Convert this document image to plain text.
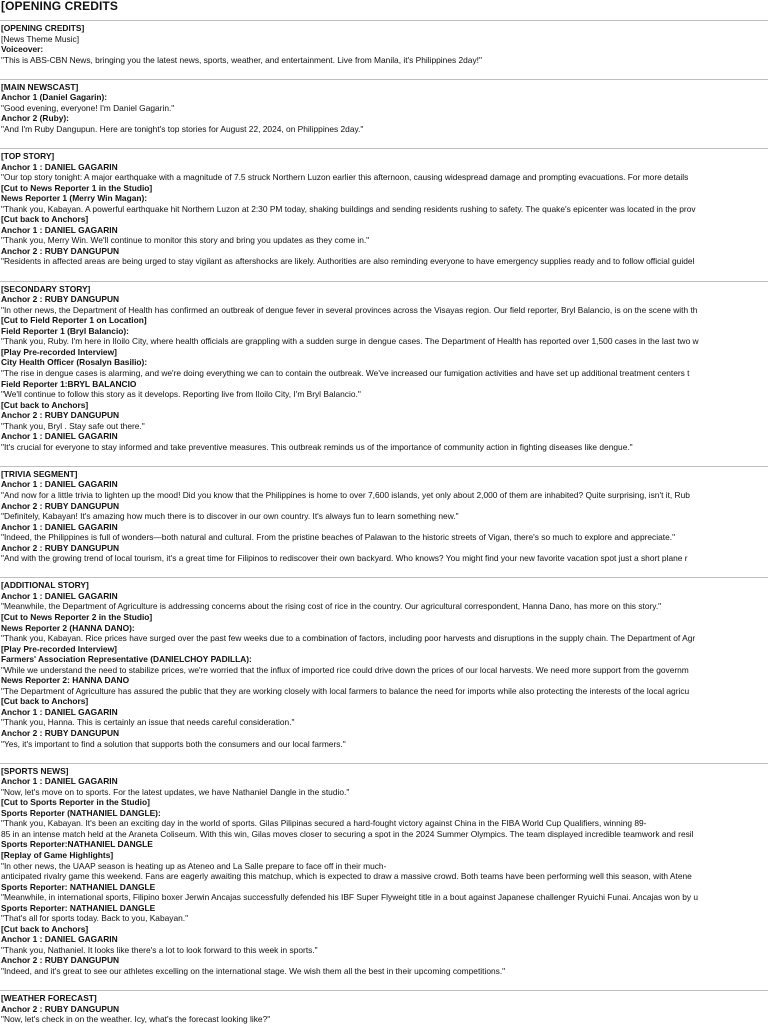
[OPENING CREDITS
[OPENING CREDITS]
[News Theme Music]
Voiceover:
"This is ABS-CBN News, bringing you the latest news, sports, weather, and entertainment. Live from Manila, it's Philippines 2day!"
[MAIN NEWSCAST]
Anchor 1 (Daniel Gagarin):
"Good evening, everyone! I'm Daniel Gagarin."
Anchor 2 (Ruby):
"And I'm Ruby Dangupun. Here are tonight's top stories for August 22, 2024, on Philippines 2day."
[TOP STORY]
Anchor 1 : DANIEL GAGARIN
"Our top story tonight: A major earthquake with a magnitude of 7.5 struck Northern Luzon earlier this afternoon, causing widespread damage and prompting evacuations. For more details
[Cut to News Reporter 1 in the Studio]
News Reporter 1 (Merry Win Magan):
"Thank you, Kabayan. A powerful earthquake hit Northern Luzon at 2:30 PM today, shaking buildings and sending residents rushing to safety. The quake's epicenter was located in the prov
[Cut back to Anchors]
Anchor 1 : DANIEL GAGARIN
"Thank you, Merry Win. We'll continue to monitor this story and bring you updates as they come in."
Anchor 2 : RUBY DANGUPUN
"Residents in affected areas are being urged to stay vigilant as aftershocks are likely. Authorities are also reminding everyone to have emergency supplies ready and to follow official guidel
[SECONDARY STORY]
Anchor 2 : RUBY DANGUPUN
"In other news, the Department of Health has confirmed an outbreak of dengue fever in several provinces across the Visayas region. Our field reporter, Bryl Balancio, is on the scene with th
[Cut to Field Reporter 1 on Location]
Field Reporter 1 (Bryl Balancio):
"Thank you, Ruby. I'm here in Iloilo City, where health officials are grappling with a sudden surge in dengue cases. The Department of Health has reported over 1,500 cases in the last two w
[Play Pre-recorded Interview]
City Health Officer (Rosalyn Basilio):
"The rise in dengue cases is alarming, and we're doing everything we can to contain the outbreak. We've increased our fumigation activities and have set up additional treatment centers t
Field Reporter 1:BRYL BALANCIO
"We'll continue to follow this story as it develops. Reporting live from Iloilo City, I'm Bryl Balancio."
[Cut back to Anchors]
Anchor 2 : RUBY DANGUPUN
"Thank you, Bryl . Stay safe out there."
Anchor 1 : DANIEL GAGARIN
"It's crucial for everyone to stay informed and take preventive measures. This outbreak reminds us of the importance of community action in fighting diseases like dengue."
[TRIVIA SEGMENT]
Anchor 1 : DANIEL GAGARIN
"And now for a little trivia to lighten up the mood! Did you know that the Philippines is home to over 7,600 islands, yet only about 2,000 of them are inhabited? Quite surprising, isn't it, Rub
Anchor 2 : RUBY DANGUPUN
"Definitely, Kabayan! It's amazing how much there is to discover in our own country. It's always fun to learn something new."
Anchor 1 : DANIEL GAGARIN
"Indeed, the Philippines is full of wonders—both natural and cultural. From the pristine beaches of Palawan to the historic streets of Vigan, there's so much to explore and appreciate."
Anchor 2 : RUBY DANGUPUN
"And with the growing trend of local tourism, it's a great time for Filipinos to rediscover their own backyard. Who knows? You might find your new favorite vacation spot just a short plane r
[ADDITIONAL STORY]
Anchor 1 : DANIEL GAGARIN
"Meanwhile, the Department of Agriculture is addressing concerns about the rising cost of rice in the country. Our agricultural correspondent, Hanna Dano, has more on this story."
[Cut to News Reporter 2 in the Studio]
News Reporter 2 (HANNA DANO):
"Thank you, Kabayan. Rice prices have surged over the past few weeks due to a combination of factors, including poor harvests and disruptions in the supply chain. The Department of Agr
[Play Pre-recorded Interview]
Farmers' Association Representative (DANIELCHOY PADILLA):
"While we understand the need to stabilize prices, we're worried that the influx of imported rice could drive down the prices of our local harvests. We need more support from the governm
News Reporter 2: HANNA DANO
"The Department of Agriculture has assured the public that they are working closely with local farmers to balance the need for imports while also protecting the interests of the local agricu
[Cut back to Anchors]
Anchor 1 : DANIEL GAGARIN
"Thank you, Hanna. This is certainly an issue that needs careful consideration."
Anchor 2 : RUBY DANGUPUN
"Yes, it's important to find a solution that supports both the consumers and our local farmers."
[SPORTS NEWS]
Anchor 1 : DANIEL GAGARIN
"Now, let's move on to sports. For the latest updates, we have Nathaniel Dangle in the studio."
[Cut to Sports Reporter in the Studio]
Sports Reporter (NATHANIEL DANGLE):
"Thank you, Kabayan. It's been an exciting day in the world of sports. Gilas Pilipinas secured a hard-fought victory against China in the FIBA World Cup Qualifiers, winning 89-
85 in an intense match held at the Araneta Coliseum. With this win, Gilas moves closer to securing a spot in the 2024 Summer Olympics. The team displayed incredible teamwork and resil
Sports Reporter:NATHANIEL DANGLE
[Replay of Game Highlights]
"In other news, the UAAP season is heating up as Ateneo and La Salle prepare to face off in their much-
anticipated rivalry game this weekend. Fans are eagerly awaiting this matchup, which is expected to draw a massive crowd. Both teams have been performing well this season, with Atene
Sports Reporter: NATHANIEL DANGLE
"Meanwhile, in international sports, Filipino boxer Jerwin Ancajas successfully defended his IBF Super Flyweight title in a bout against Japanese challenger Ryuichi Funai. Ancajas won by u
Sports Reporter: NATHANIEL DANGLE
"That's all for sports today. Back to you, Kabayan."
[Cut back to Anchors]
Anchor 1 : DANIEL GAGARIN
"Thank you, Nathaniel. It looks like there's a lot to look forward to this week in sports."
Anchor 2 : RUBY DANGUPUN
"Indeed, and it's great to see our athletes excelling on the international stage. We wish them all the best in their upcoming competitions."
[WEATHER FORECAST]
Anchor 2 : RUBY DANGUPUN
"Now, let's check in on the weather. Icy, what's the forecast looking like?"
